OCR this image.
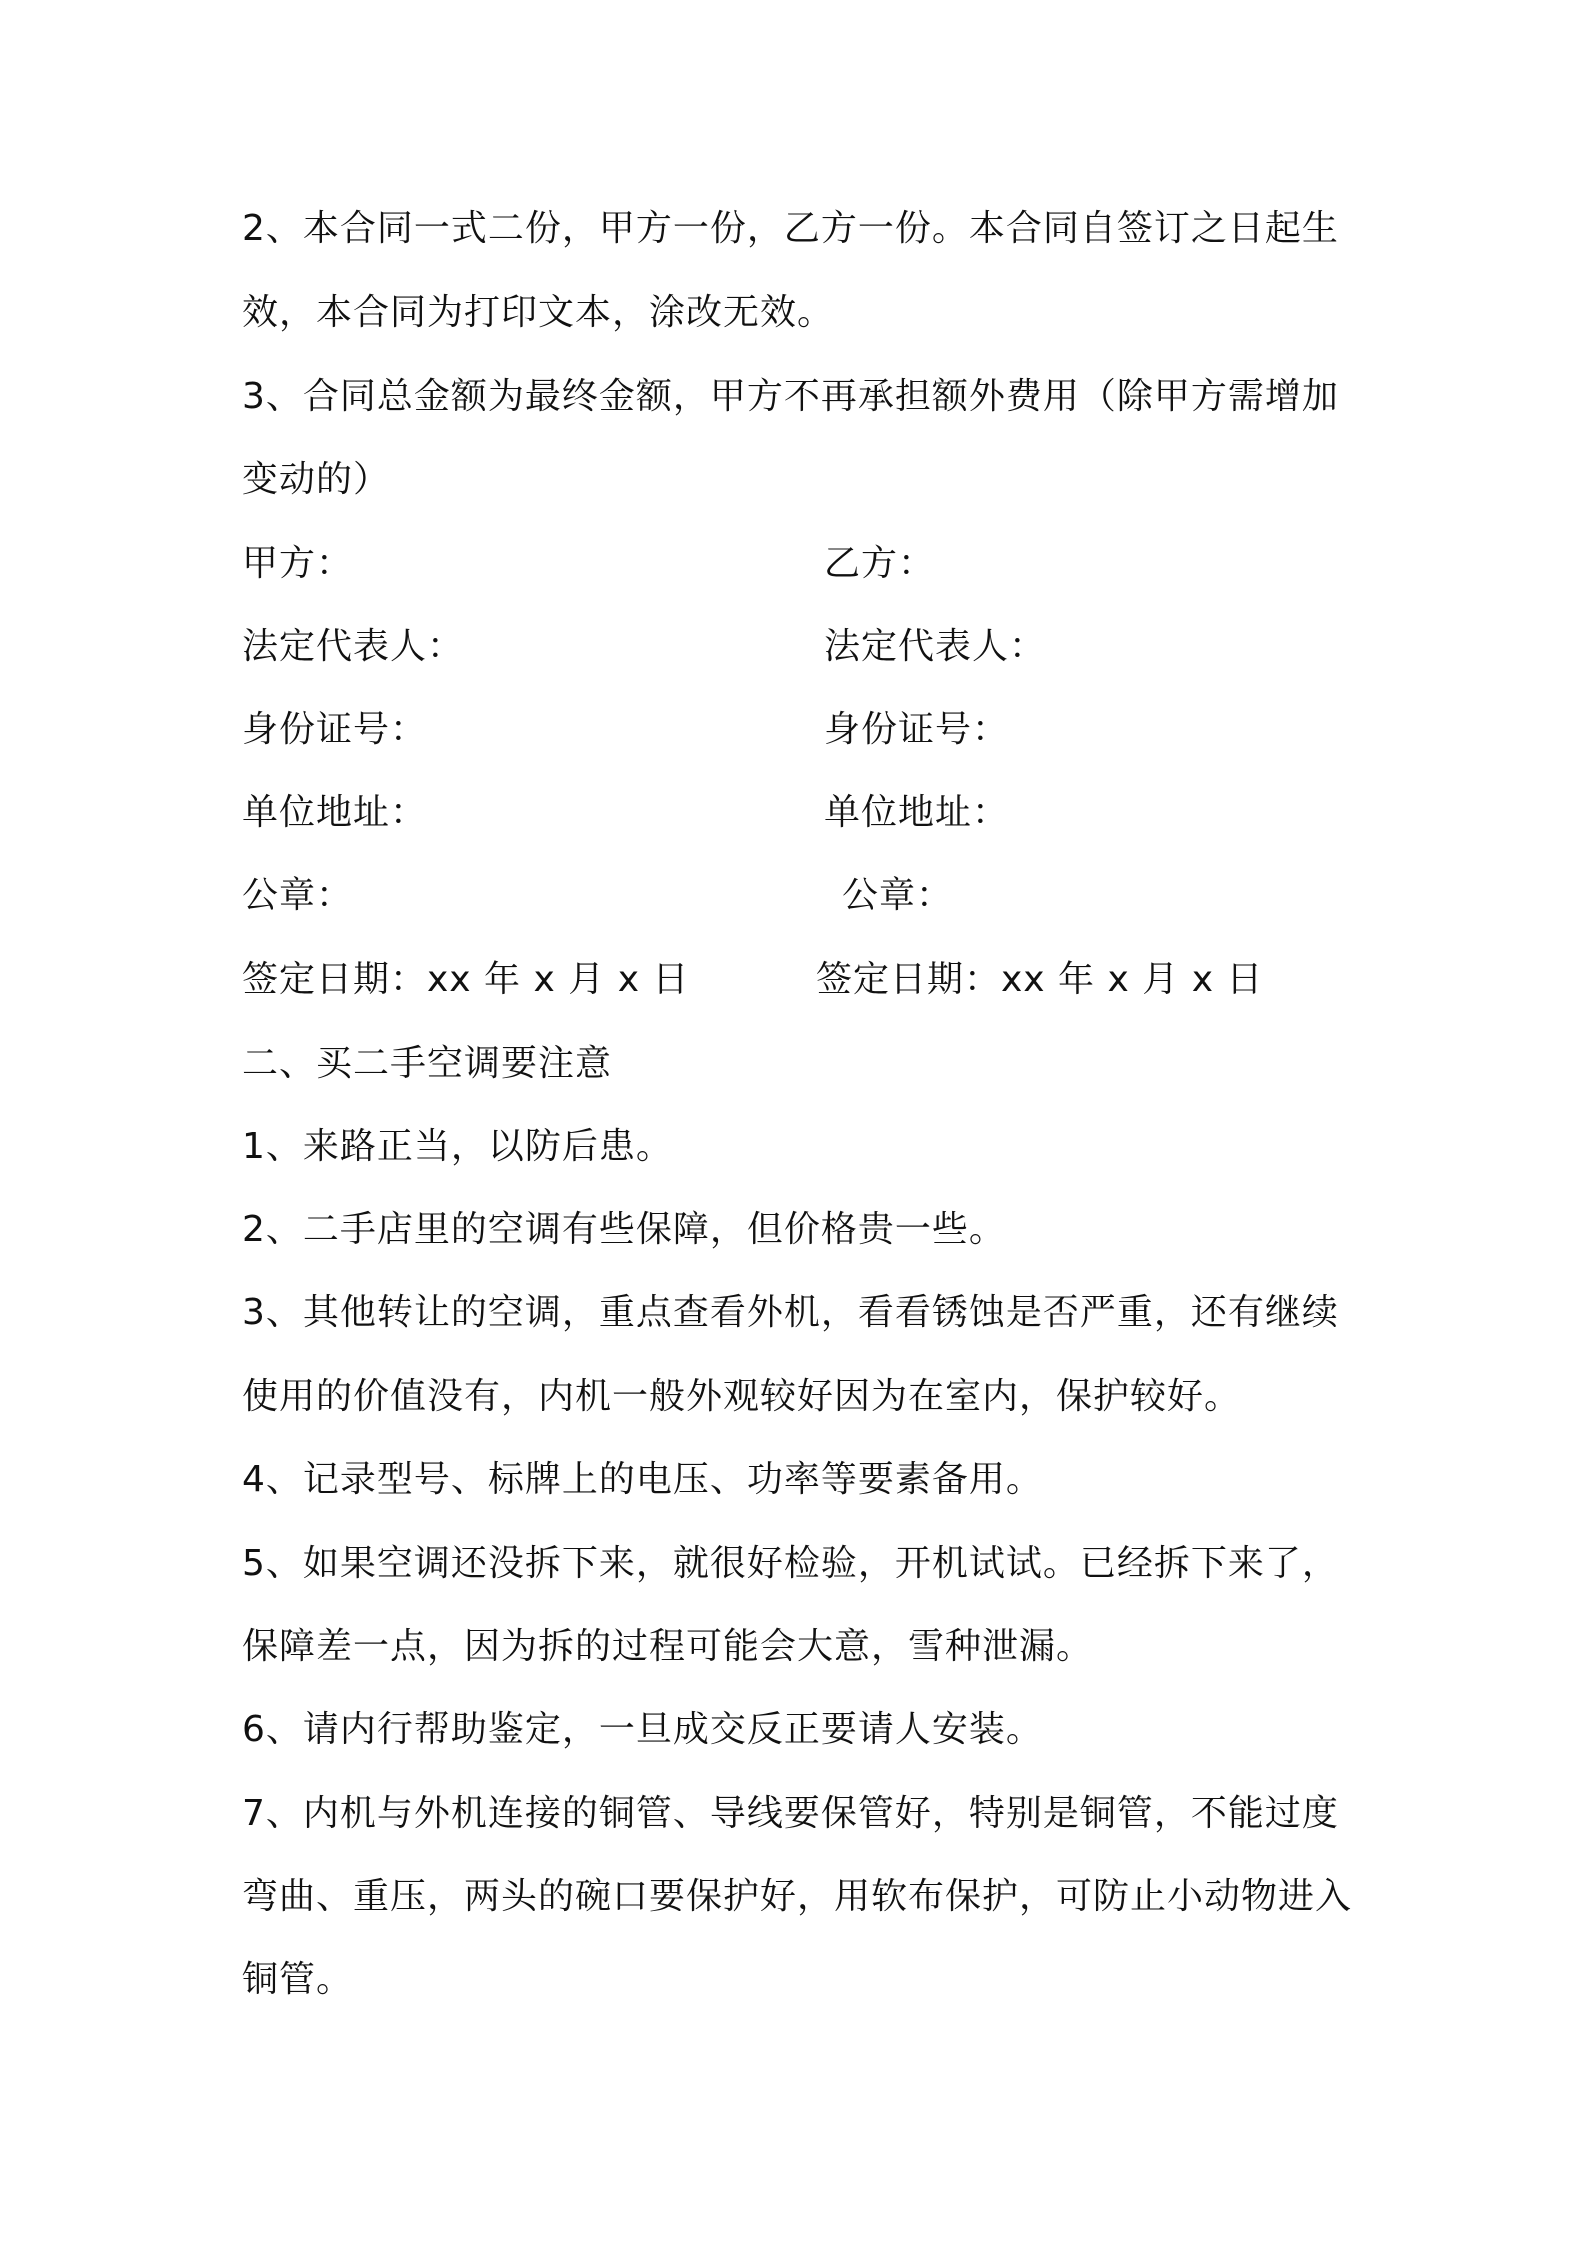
2、本合同一式二份，甲方一份，乙方一份。本合同自签订之日起生
效，本合同为打印文本，涂改无效。
3、合同总金额为最终金额，甲方不再承担额外费用（除甲方需增加
变动的）
甲方：	乙方：
法定代表人：	法定代表人：
身份证号：	身份证号：
单位地址：	单位地址：
公章：	公章：
签定日期：xx 年 x 月 x 日	签定日期：xx 年 x 月 x 日
二、买二手空调要注意
1、来路正当，以防后患。
2、二手店里的空调有些保障，但价格贵一些。
3、其他转让的空调，重点查看外机，看看锈蚀是否严重，还有继续
使用的价值没有，内机一般外观较好因为在室内，保护较好。
4、记录型号、标牌上的电压、功率等要素备用。
5、如果空调还没拆下来，就很好检验，开机试试。已经拆下来了，
保障差一点，因为拆的过程可能会大意，雪种泄漏。
6、请内行帮助鉴定，一旦成交反正要请人安装。
7、内机与外机连接的铜管、导线要保管好，特别是铜管，不能过度
弯曲、重压，两头的碗口要保护好，用软布保护，可防止小动物进入
铜管。
